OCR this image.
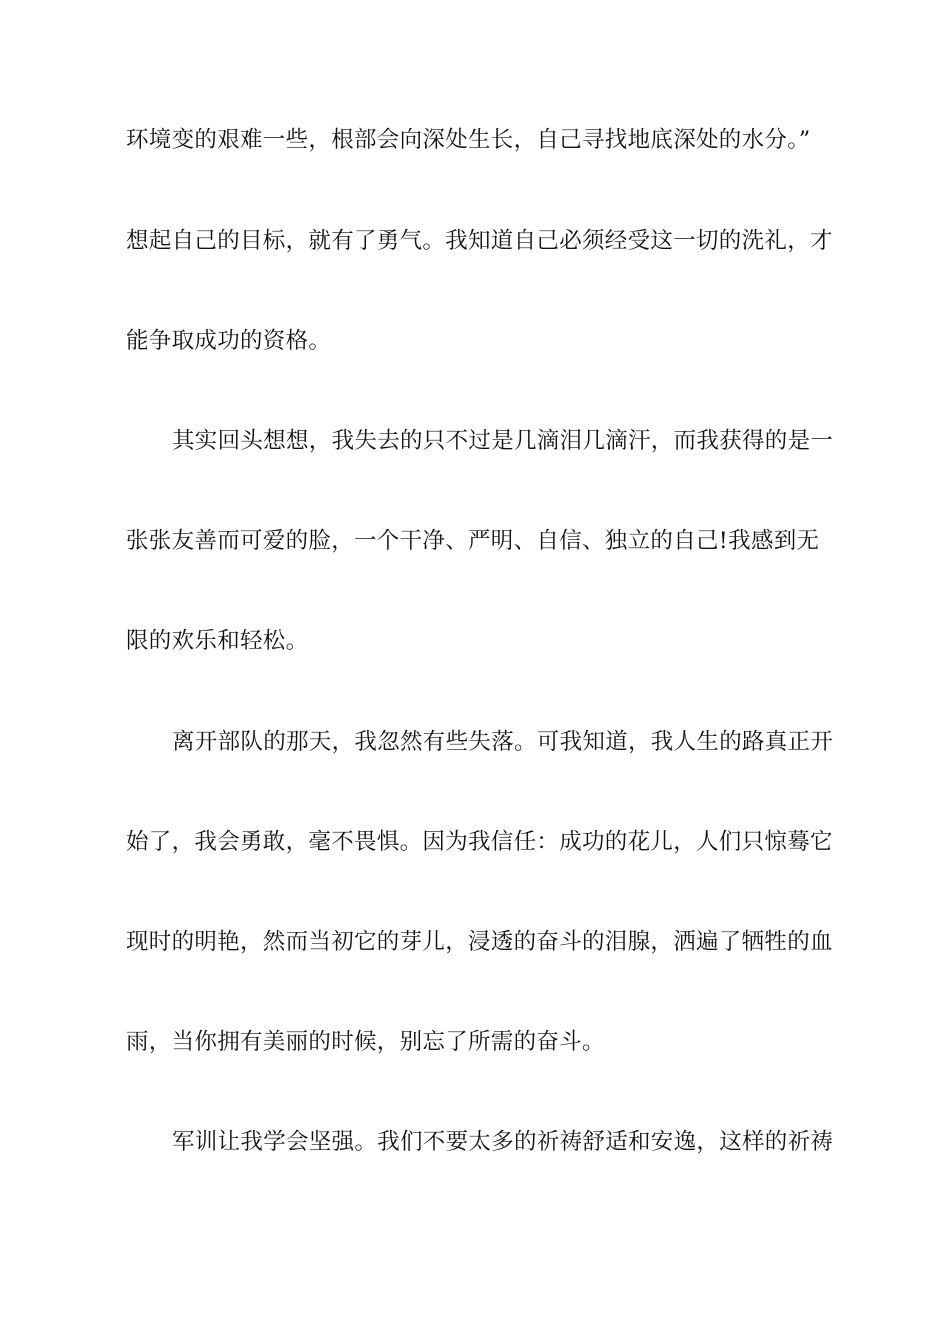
环境变的艰难一些，根部会向深处生长，自己寻找地底深处的水分。”
想起自己的目标，就有了勇气。我知道自己必须经受这一切的洗礼，才
能争取成功的资格。
其实回头想想，我失去的只不过是几滴泪几滴汗，而我获得的是一
张张友善而可爱的脸，一个干净、严明、自信、独立的自己!我感到无
限的欢乐和轻松。
离开部队的那天，我忽然有些失落。可我知道，我人生的路真正开
始了，我会勇敢，毫不畏惧。因为我信任：成功的花儿，人们只惊蓦它
现时的明艳，然而当初它的芽儿，浸透的奋斗的泪腺，洒遍了牺牲的血
雨，当你拥有美丽的时候，别忘了所需的奋斗。
军训让我学会坚强。我们不要太多的祈祷舒适和安逸，这样的祈祷
